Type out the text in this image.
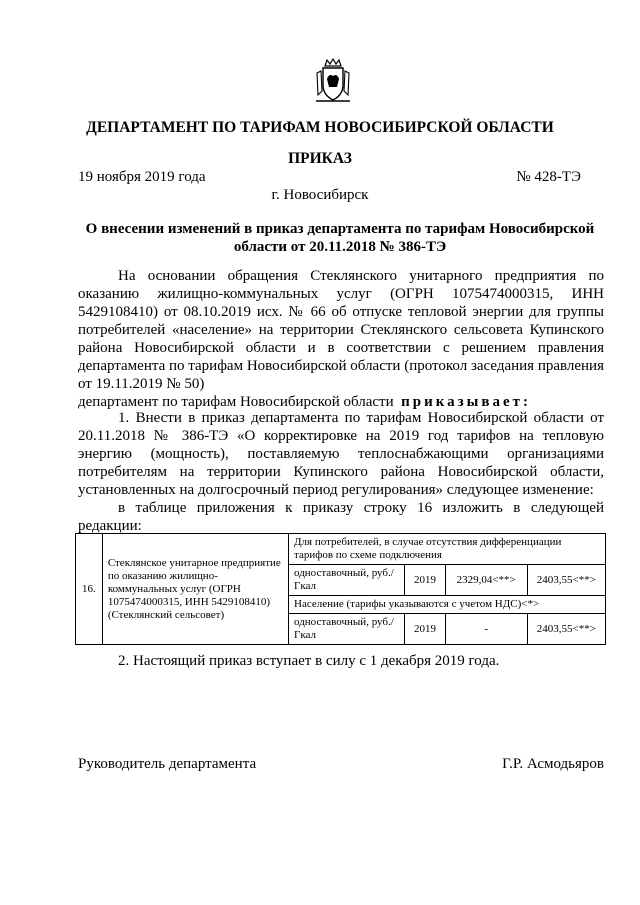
ДЕПАРТАМЕНТ ПО ТАРИФАМ НОВОСИБИРСКОЙ ОБЛАСТИ
ПРИКАЗ
19 ноября 2019 года	№ 428-ТЭ
г. Новосибирск
О внесении изменений в приказ департамента по тарифам Новосибирской области от 20.11.2018 № 386-ТЭ
На основании обращения Стеклянского унитарного предприятия по оказанию жилищно-коммунальных услуг (ОГРН 1075474000315, ИНН 5429108410) от 08.10.2019 исх. № 66 об отпуске тепловой энергии для группы потребителей «население» на территории Стеклянского сельсовета Купинского района Новосибирской области и в соответствии с решением правления департамента по тарифам Новосибирской области (протокол заседания правления от 19.11.2019 № 50)
департамент по тарифам Новосибирской области приказывает:
1. Внести в приказ департамента по тарифам Новосибирской области от 20.11.2018 № 386-ТЭ «О корректировке на 2019 год тарифов на тепловую энергию (мощность), поставляемую теплоснабжающими организациями потребителям на территории Купинского района Новосибирской области, установленных на долгосрочный период регулирования» следующее изменение:
в таблице приложения к приказу строку 16 изложить в следующей редакции:
16.	Стеклянское унитарное предприятие по оказанию жилищно-коммунальных услуг (ОГРН 1075474000315, ИНН 5429108410) (Стеклянский сельсовет)	Для потребителей, в случае отсутствия дифференциации тарифов по схеме подключения			
		одноставочный, руб./Гкал	2019	2329,04<**>	2403,55<**>
		Население (тарифы указываются с учетом НДС)<*>			
		одноставочный, руб./Гкал	2019	-	2403,55<**>
2. Настоящий приказ вступает в силу с 1 декабря 2019 года.
Руководитель департамента	Г.Р. Асмодьяров
